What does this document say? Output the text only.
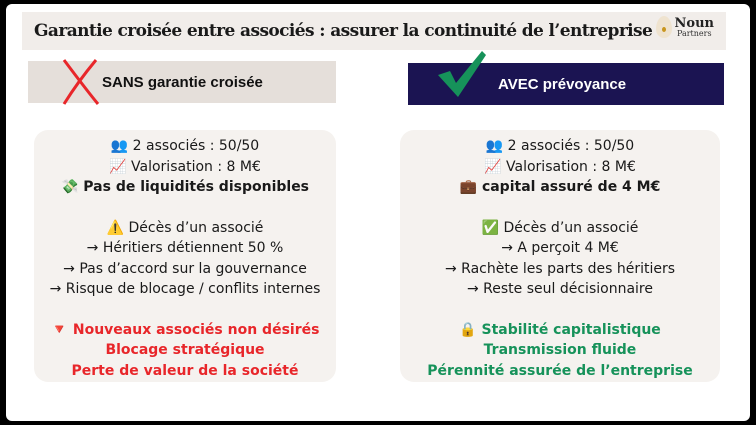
Garantie croisée entre associés : assurer la continuité de l’entreprise Noun
Partners
SANS garantie croisée	AVEC prévoyance
👥 2 associés : 50/50
📈 Valorisation : 8 M€
💸 Pas de liquidités disponibles
⚠️ Décès d’un associé
→ Héritiers détiennent 50 %
→ Pas d’accord sur la gouvernance
→ Risque de blocage / conflits internes
🔻 Nouveaux associés non désirés
Blocage stratégique
Perte de valeur de la société
👥 2 associés : 50/50
📈 Valorisation : 8 M€
💼 capital assuré de 4 M€
✅ Décès d’un associé
→ A perçoit 4 M€
→ Rachète les parts des héritiers
→ Reste seul décisionnaire
🔒 Stabilité capitalistique
Transmission fluide
Pérennité assurée de l’entreprise
